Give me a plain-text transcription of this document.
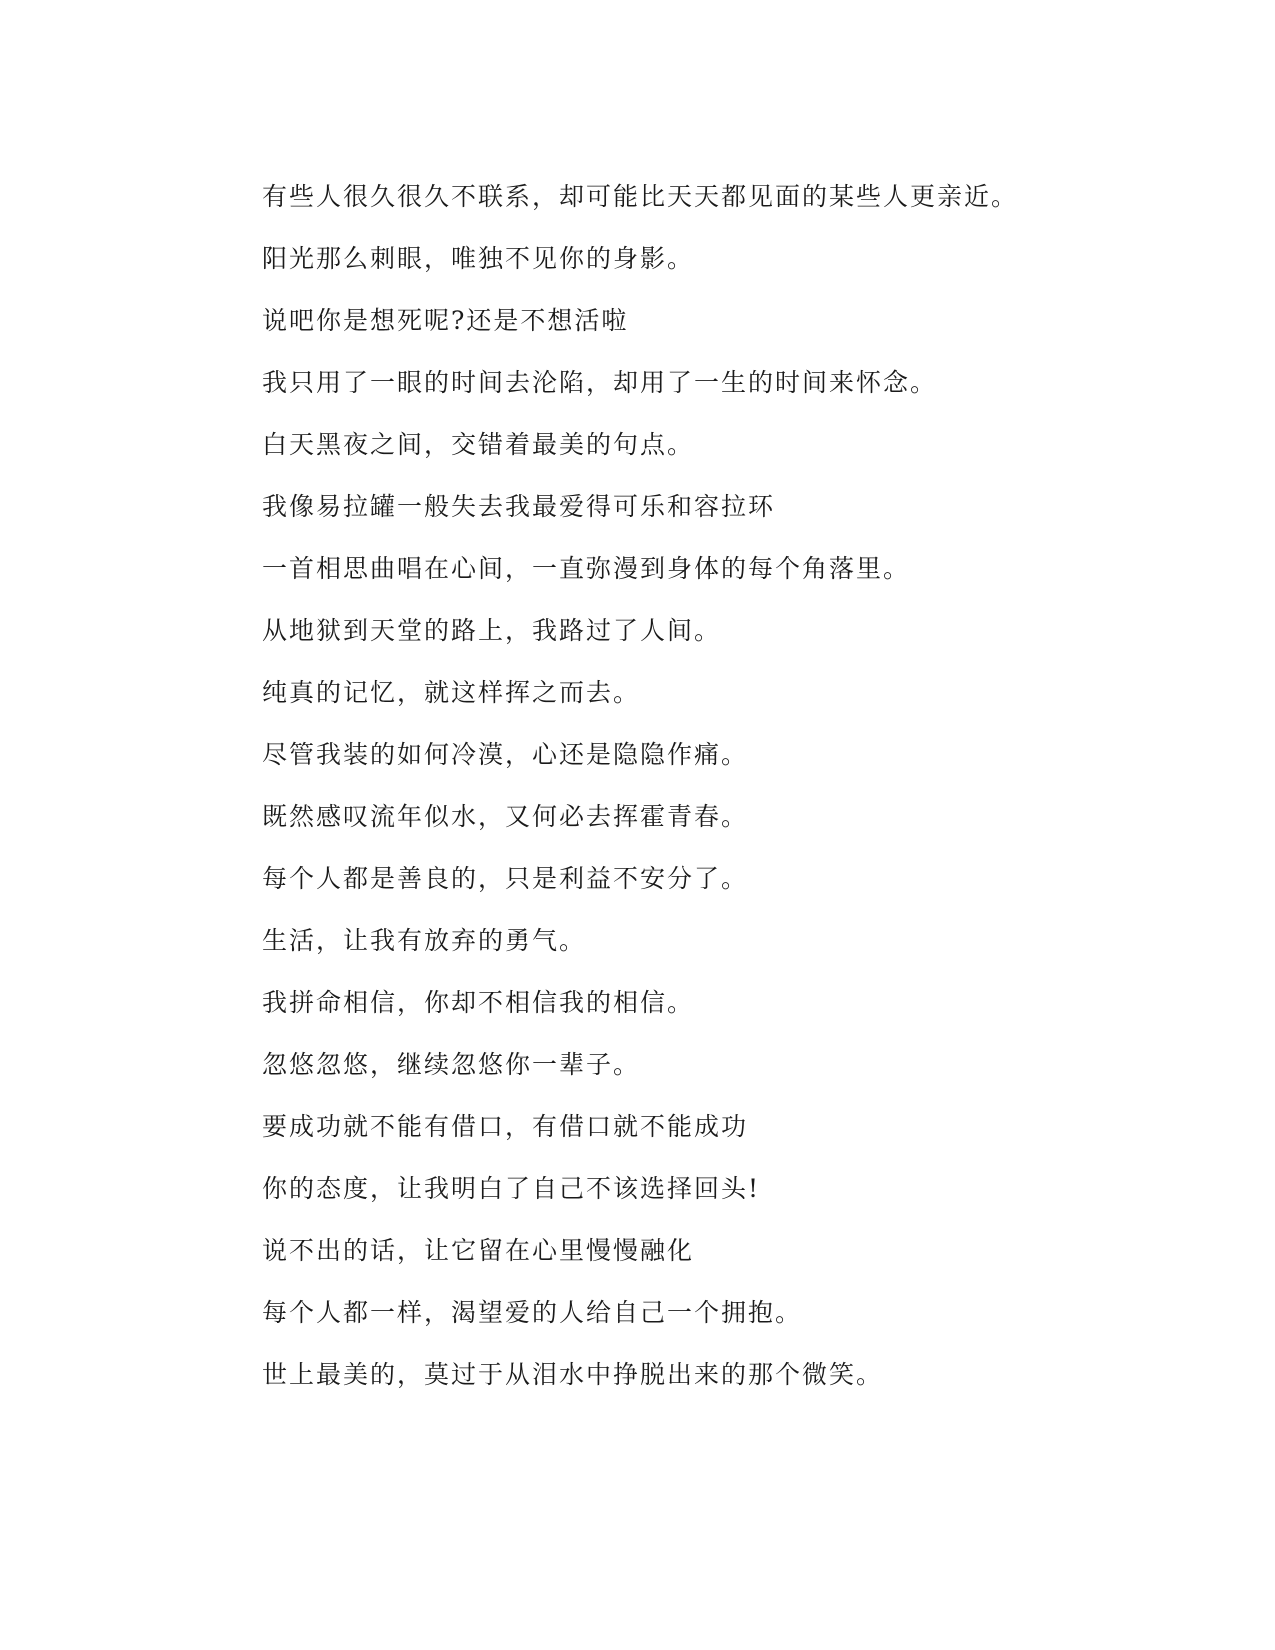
有些人很久很久不联系，却可能比天天都见面的某些人更亲近。
阳光那么刺眼，唯独不见你的身影。
说吧你是想死呢?还是不想活啦
我只用了一眼的时间去沦陷，却用了一生的时间来怀念。
白天黑夜之间，交错着最美的句点。
我像易拉罐一般失去我最爱得可乐和容拉环
一首相思曲唱在心间，一直弥漫到身体的每个角落里。
从地狱到天堂的路上，我路过了人间。
纯真的记忆，就这样挥之而去。
尽管我装的如何冷漠，心还是隐隐作痛。
既然感叹流年似水，又何必去挥霍青春。
每个人都是善良的，只是利益不安分了。
生活，让我有放弃的勇气。
我拼命相信，你却不相信我的相信。
忽悠忽悠，继续忽悠你一辈子。
要成功就不能有借口，有借口就不能成功
你的态度，让我明白了自己不该选择回头!
说不出的话，让它留在心里慢慢融化
每个人都一样，渴望爱的人给自己一个拥抱。
世上最美的，莫过于从泪水中挣脱出来的那个微笑。
